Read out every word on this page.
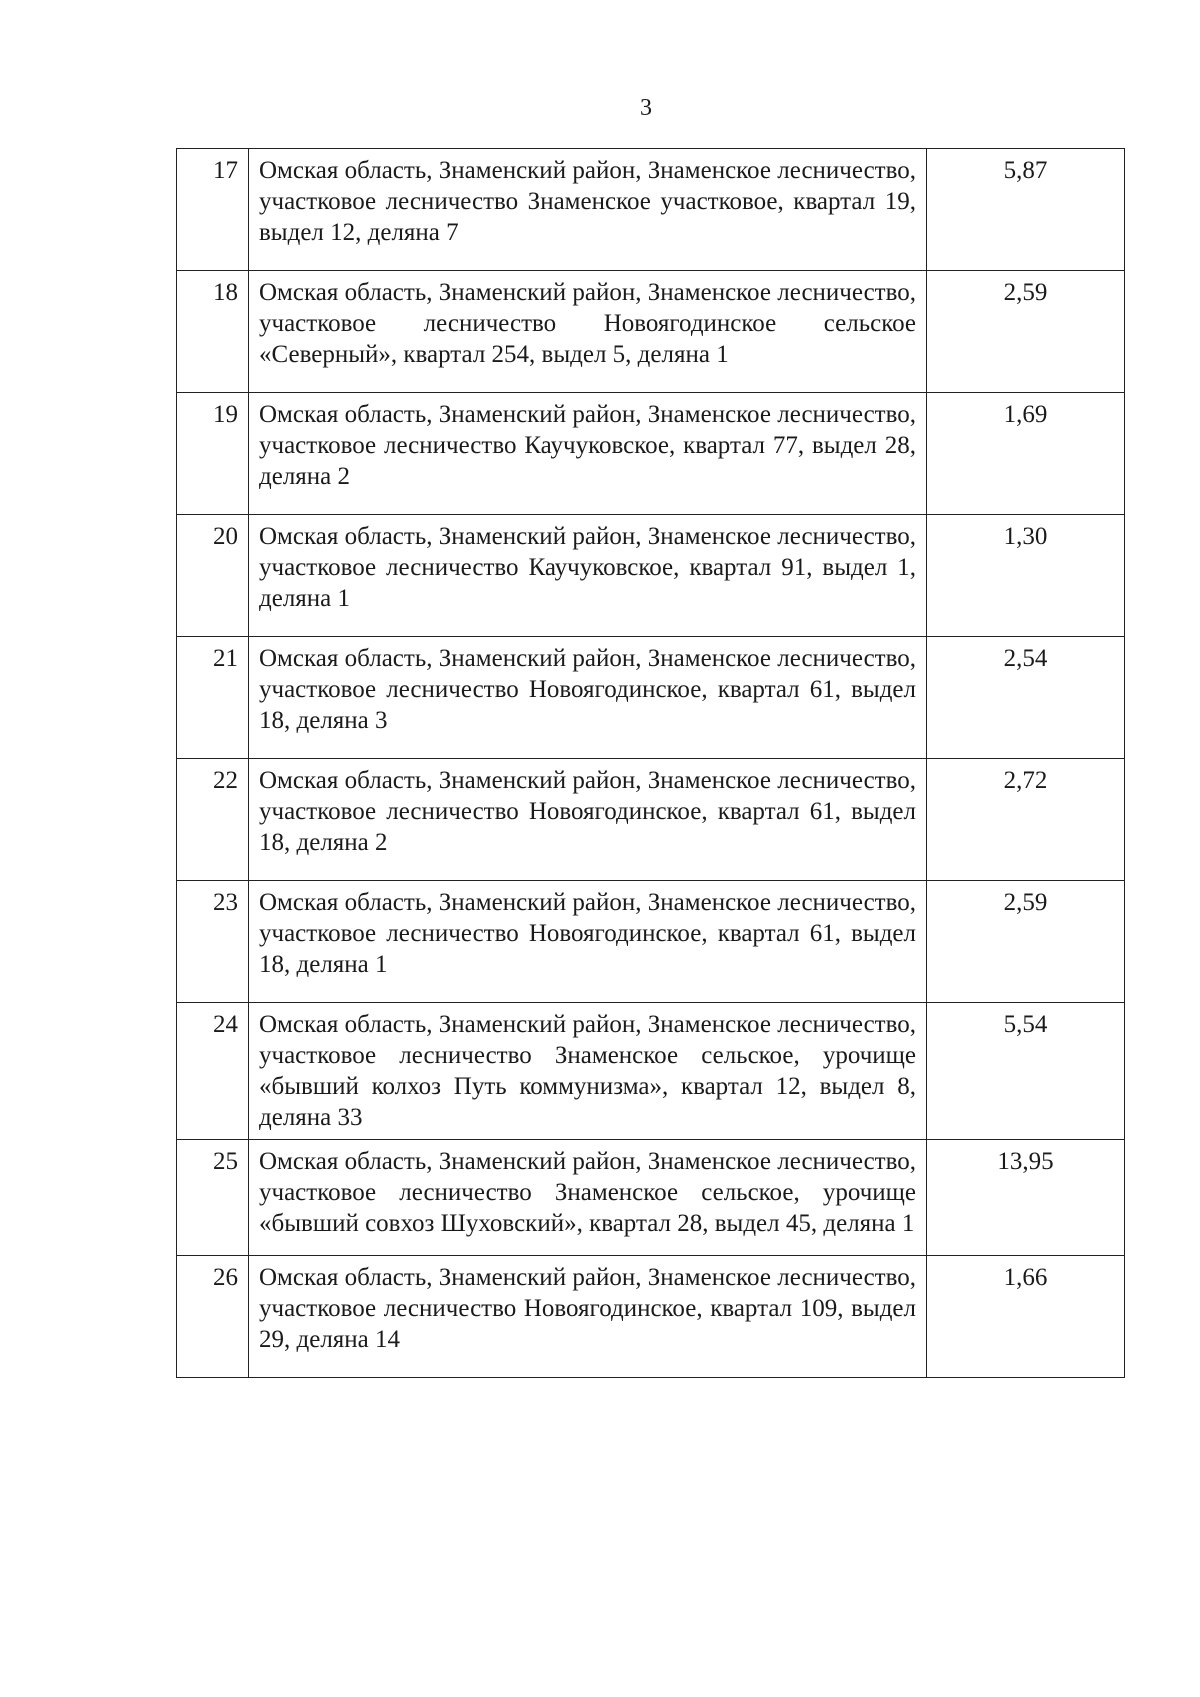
3
17	Омская область, Знаменский район, Знаменское лесничество, участковое лесничество Знаменское участковое, квартал 19, выдел 12, деляна 7	5,87
18	Омская область, Знаменский район, Знаменское лесничество, участковое лесничество Новоягодинское сельское «Северный», квартал 254, выдел 5, деляна 1	2,59
19	Омская область, Знаменский район, Знаменское лесничество, участковое лесничество Каучуковское, квартал 77, выдел 28, деляна 2	1,69
20	Омская область, Знаменский район, Знаменское лесничество, участковое лесничество Каучуковское, квартал 91, выдел 1, деляна 1	1,30
21	Омская область, Знаменский район, Знаменское лесничество, участковое лесничество Новоягодинское, квартал 61, выдел 18, деляна 3	2,54
22	Омская область, Знаменский район, Знаменское лесничество, участковое лесничество Новоягодинское, квартал 61, выдел 18, деляна 2	2,72
23	Омская область, Знаменский район, Знаменское лесничество, участковое лесничество Новоягодинское, квартал 61, выдел 18, деляна 1	2,59
24	Омская область, Знаменский район, Знаменское лесничество, участковое лесничество Знаменское сельское, урочище «бывший колхоз Путь коммунизма», квартал 12, выдел 8, деляна 33	5,54
25	Омская область, Знаменский район, Знаменское лесничество, участковое лесничество Знаменское сельское, урочище «бывший совхоз Шуховский», квартал 28, выдел 45, деляна 1	13,95
26	Омская область, Знаменский район, Знаменское лесничество, участковое лесничество Новоягодинское, квартал 109, выдел 29, деляна 14	1,66
